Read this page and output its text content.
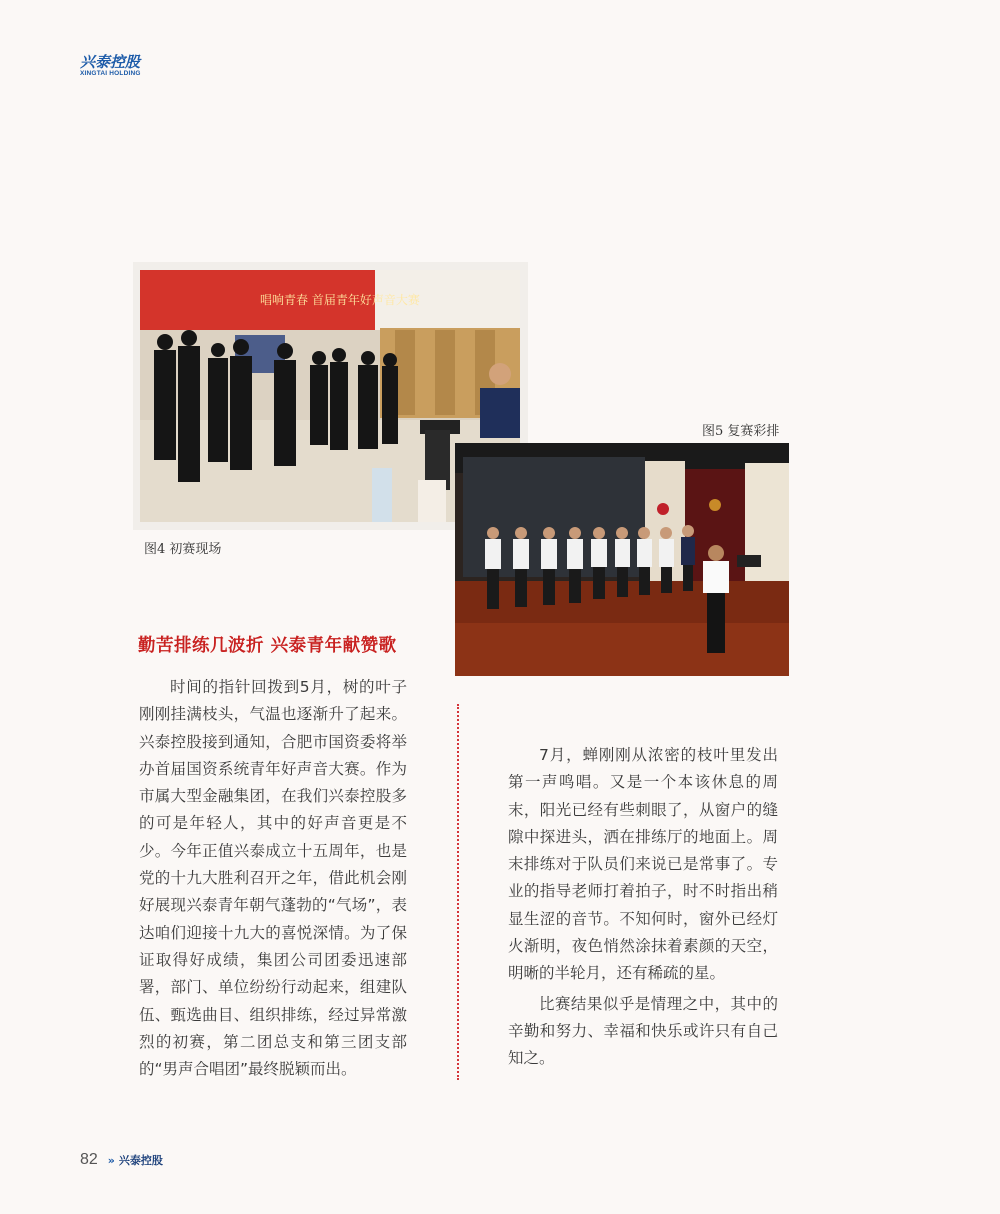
兴泰控股
XINGTAI HOLDING
唱响青春 首届青年好声音大赛
图4 初赛现场
图5 复赛彩排
勤苦排练几波折 兴泰青年献赞歌

时间的指针回拨到5月，树的叶子刚刚挂满枝头，气温也逐渐升了起来。兴泰控股接到通知，合肥市国资委将举办首届国资系统青年好声音大赛。作为市属大型金融集团，在我们兴泰控股多的可是年轻人，其中的好声音更是不少。今年正值兴泰成立十五周年，也是党的十九大胜利召开之年，借此机会刚好展现兴泰青年朝气蓬勃的“气场”，表达咱们迎接十九大的喜悦深情。为了保证取得好成绩，集团公司团委迅速部署，部门、单位纷纷行动起来，组建队伍、甄选曲目、组织排练，经过异常激烈的初赛，第二团总支和第三团支部的“男声合唱团”最终脱颖而出。

7月，蝉刚刚从浓密的枝叶里发出第一声鸣唱。又是一个本该休息的周末，阳光已经有些刺眼了，从窗户的缝隙中探进头，洒在排练厅的地面上。周末排练对于队员们来说已是常事了。专业的指导老师打着拍子，时不时指出稍显生涩的音节。不知何时，窗外已经灯火渐明，夜色悄然涂抹着素颜的天空，明晰的半轮月，还有稀疏的星。

比赛结果似乎是情理之中，其中的辛勤和努力、幸福和快乐或许只有自己知之。

82 » 兴泰控股
